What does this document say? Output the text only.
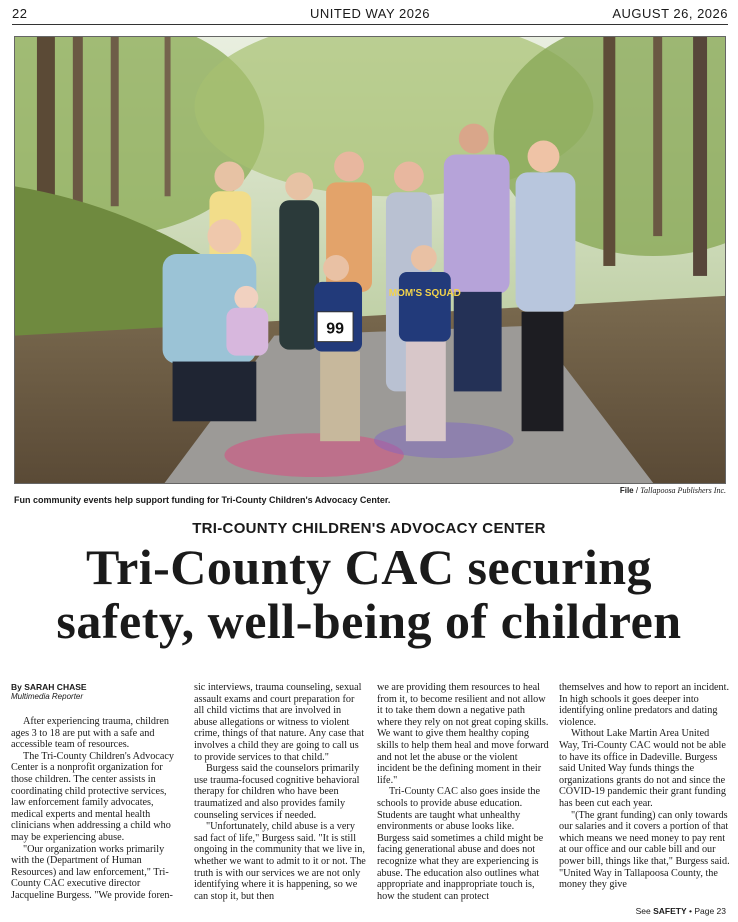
22	UNITED WAY 2026	AUGUST 26, 2026
MOM'S SQUAD
99
File / Tallapoosa Publishers Inc.
Fun community events help support funding for Tri-County Children's Advocacy Center.
TRI-COUNTY CHILDREN'S ADVOCACY CENTER
Tri-County CAC securing
safety, well-being of children
By SARAH CHASE
Multimedia Reporter

After experiencing trauma, children ages 3 to 18 are put with a safe and accessible team of resources.

The Tri-County Children's Advocacy Center is a nonprofit organization for those children. The center assists in coordinating child protective services, law enforcement family advocates, medical experts and mental health clinicians when addressing a child who may be experiencing abuse.

"Our organization works primarily with the (Department of Human Resources) and law enforcement," Tri-County CAC executive director Jacqueline Burgess. "We provide foren-

sic interviews, trauma counseling, sexual assault exams and court preparation for all child victims that are involved in abuse allegations or witness to violent crime, things of that nature. Any case that involves a child they are going to call us to provide services to that child."

Burgess said the counselors primarily use trauma-focused cognitive behavioral therapy for children who have been traumatized and also provides family counseling services if needed.

"Unfortunately, child abuse is a very sad fact of life," Burgess said. "It is still ongoing in the community that we live in, whether we want to admit to it or not. The truth is with our services we are not only identifying where it is happening, so we can stop it, but then

we are providing them resources to heal from it, to become resilient and not allow it to take them down a negative path where they rely on not great coping skills. We want to give them healthy coping skills to help them heal and move forward and not let the abuse or the violent incident be the defining moment in their life."

Tri-County CAC also goes inside the schools to provide abuse education. Students are taught what unhealthy environments or abuse looks like. Burgess said sometimes a child might be facing generational abuse and does not recognize what they are experiencing is abuse. The education also outlines what appropriate and inappropriate touch is, how the student can protect

themselves and how to report an incident. In high schools it goes deeper into identifying online predators and dating violence.

Without Lake Martin Area United Way, Tri-County CAC would not be able to have its office in Dadeville. Burgess said United Way funds things the organizations grants do not and since the COVID-19 pandemic their grant funding has been cut each year.

"(The grant funding) can only towards our salaries and it covers a portion of that which means we need money to pay rent at our office and our cable bill and our power bill, things like that," Burgess said. "United Way in Tallapoosa County, the money they give

See SAFETY • Page 23
